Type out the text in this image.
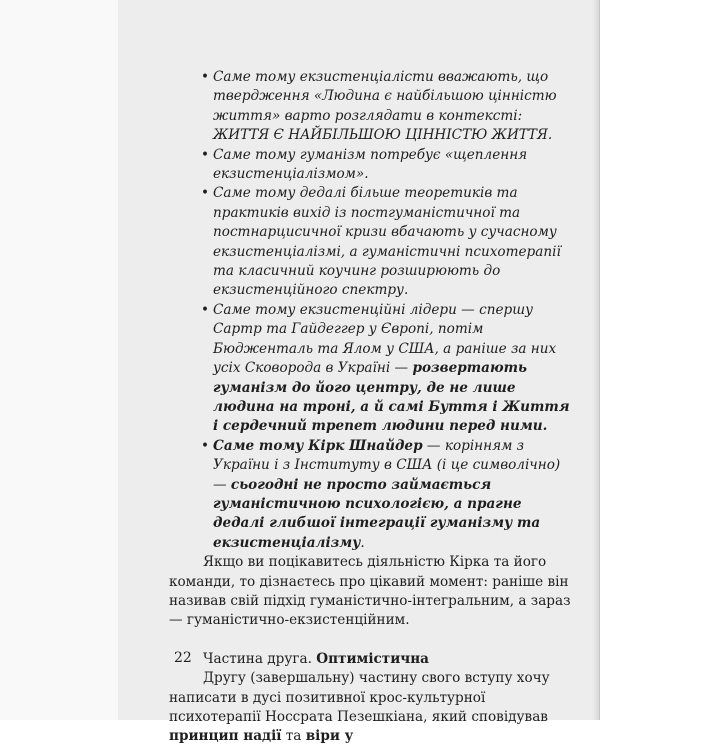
• Саме тому екзистенціалісти вважають, що твердження «Людина є найбільшою цінністю життя» варто розглядати в контексті: ЖИТТЯ Є НАЙБІЛЬШОЮ ЦІННІСТЮ ЖИТТЯ.
• Саме тому гуманізм потребує «щеплення екзистенціалізмом».
• Саме тому дедалі більше теоретиків та практиків вихід із постгуманістичної та постнарцисичної кризи вбачають у сучасному екзистенціалізмі, а гуманістичні психотерапії та класичний коучинг розширюють до екзистенційного спектру.
• Саме тому екзистенційні лідери — спершу Сартр та Гайдеггер у Європі, потім Бюдженталь та Ялом у США, а раніше за них усіх Сковорода в Україні — розвертають гуманізм до його центру, де не лише людина на троні, а й самі Буття і Життя і сердечний трепет людини перед ними.
• Саме тому Кірк Шнайдер — корінням з України і з Інституту в США (і це символічно) — сьогодні не просто займається гуманістичною психологією, а прагне дедалі глибшої інтеграції гуманізму та екзистенціалізму.

Якщо ви поцікавитесь діяльністю Кірка та його команди, то дізнаєтесь про цікавий момент: раніше він називав свій підхід гуманістично-інтегральним, а зараз — гуманістично-екзистенційним.

Частина друга. Оптимістична

Другу (завершальну) частину свого вступу хочу написати в дусі позитивної крос-культурної психотерапії Носсрата Пезешкіана, який сповідував принцип надії та віри у

22
